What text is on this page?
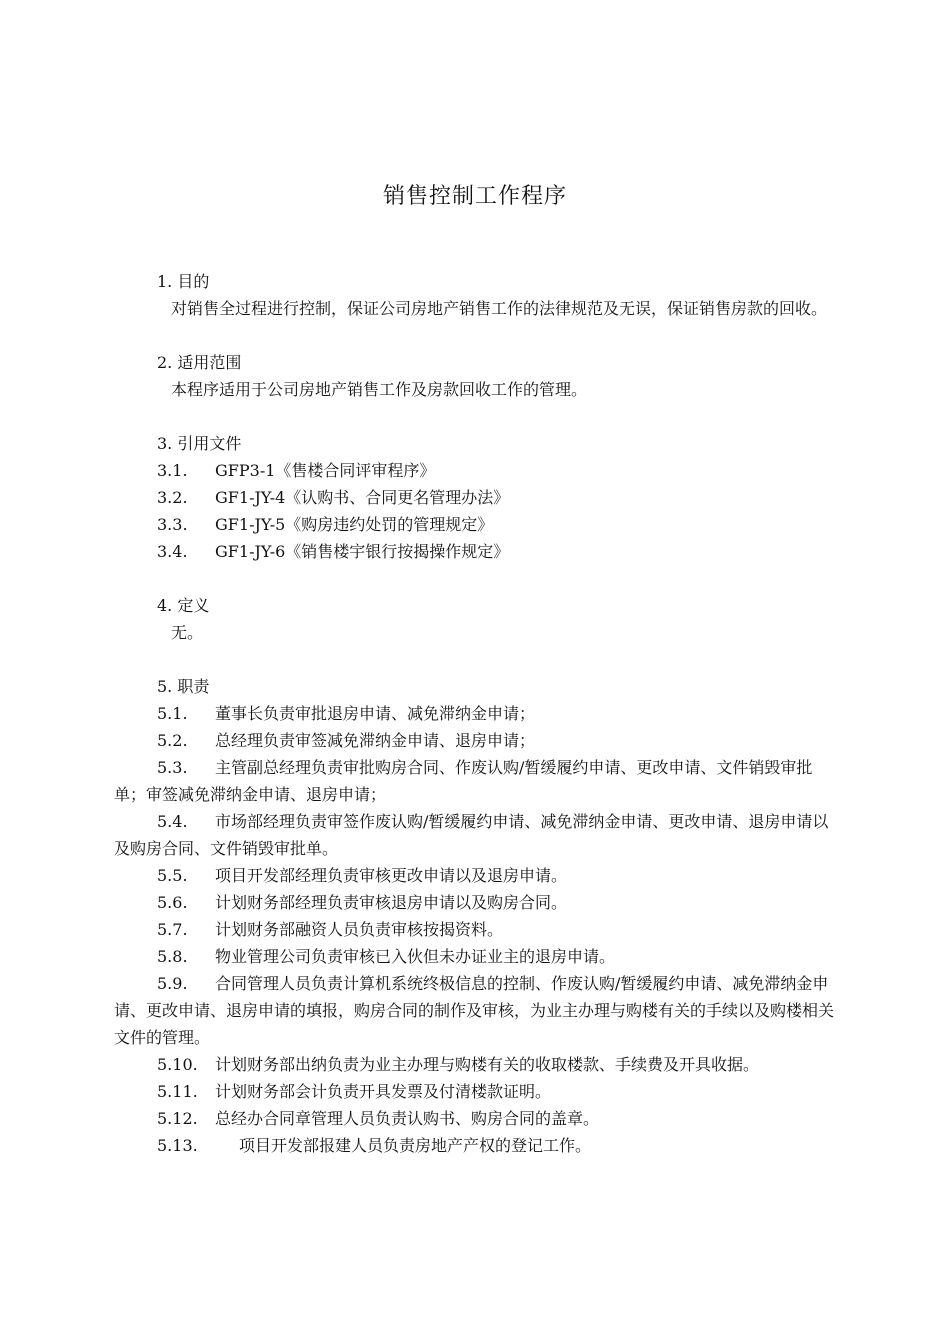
销售控制工作程序
1. 目的
对销售全过程进行控制，保证公司房地产销售工作的法律规范及无误，保证销售房款的回收。
2. 适用范围
本程序适用于公司房地产销售工作及房款回收工作的管理。
3. 引用文件
3.1. GFP3-1《售楼合同评审程序》
3.2. GF1-JY-4《认购书、合同更名管理办法》
3.3. GF1-JY-5《购房违约处罚的管理规定》
3.4. GF1-JY-6《销售楼宇银行按揭操作规定》
4. 定义
无。
5. 职责
5.1. 董事长负责审批退房申请、减免滞纳金申请；
5.2. 总经理负责审签减免滞纳金申请、退房申请；
5.3. 主管副总经理负责审批购房合同、作废认购/暂缓履约申请、更改申请、文件销毁审批单；审签减免滞纳金申请、退房申请；
5.4. 市场部经理负责审签作废认购/暂缓履约申请、减免滞纳金申请、更改申请、退房申请以及购房合同、文件销毁审批单。
5.5. 项目开发部经理负责审核更改申请以及退房申请。
5.6. 计划财务部经理负责审核退房申请以及购房合同。
5.7. 计划财务部融资人员负责审核按揭资料。
5.8. 物业管理公司负责审核已入伙但未办证业主的退房申请。
5.9. 合同管理人员负责计算机系统终极信息的控制、作废认购/暂缓履约申请、减免滞纳金申请、更改申请、退房申请的填报，购房合同的制作及审核，为业主办理与购楼有关的手续以及购楼相关文件的管理。
5.10. 计划财务部出纳负责为业主办理与购楼有关的收取楼款、手续费及开具收据。
5.11. 计划财务部会计负责开具发票及付清楼款证明。
5.12. 总经办合同章管理人员负责认购书、购房合同的盖章。
5.13.	项目开发部报建人员负责房地产产权的登记工作。
